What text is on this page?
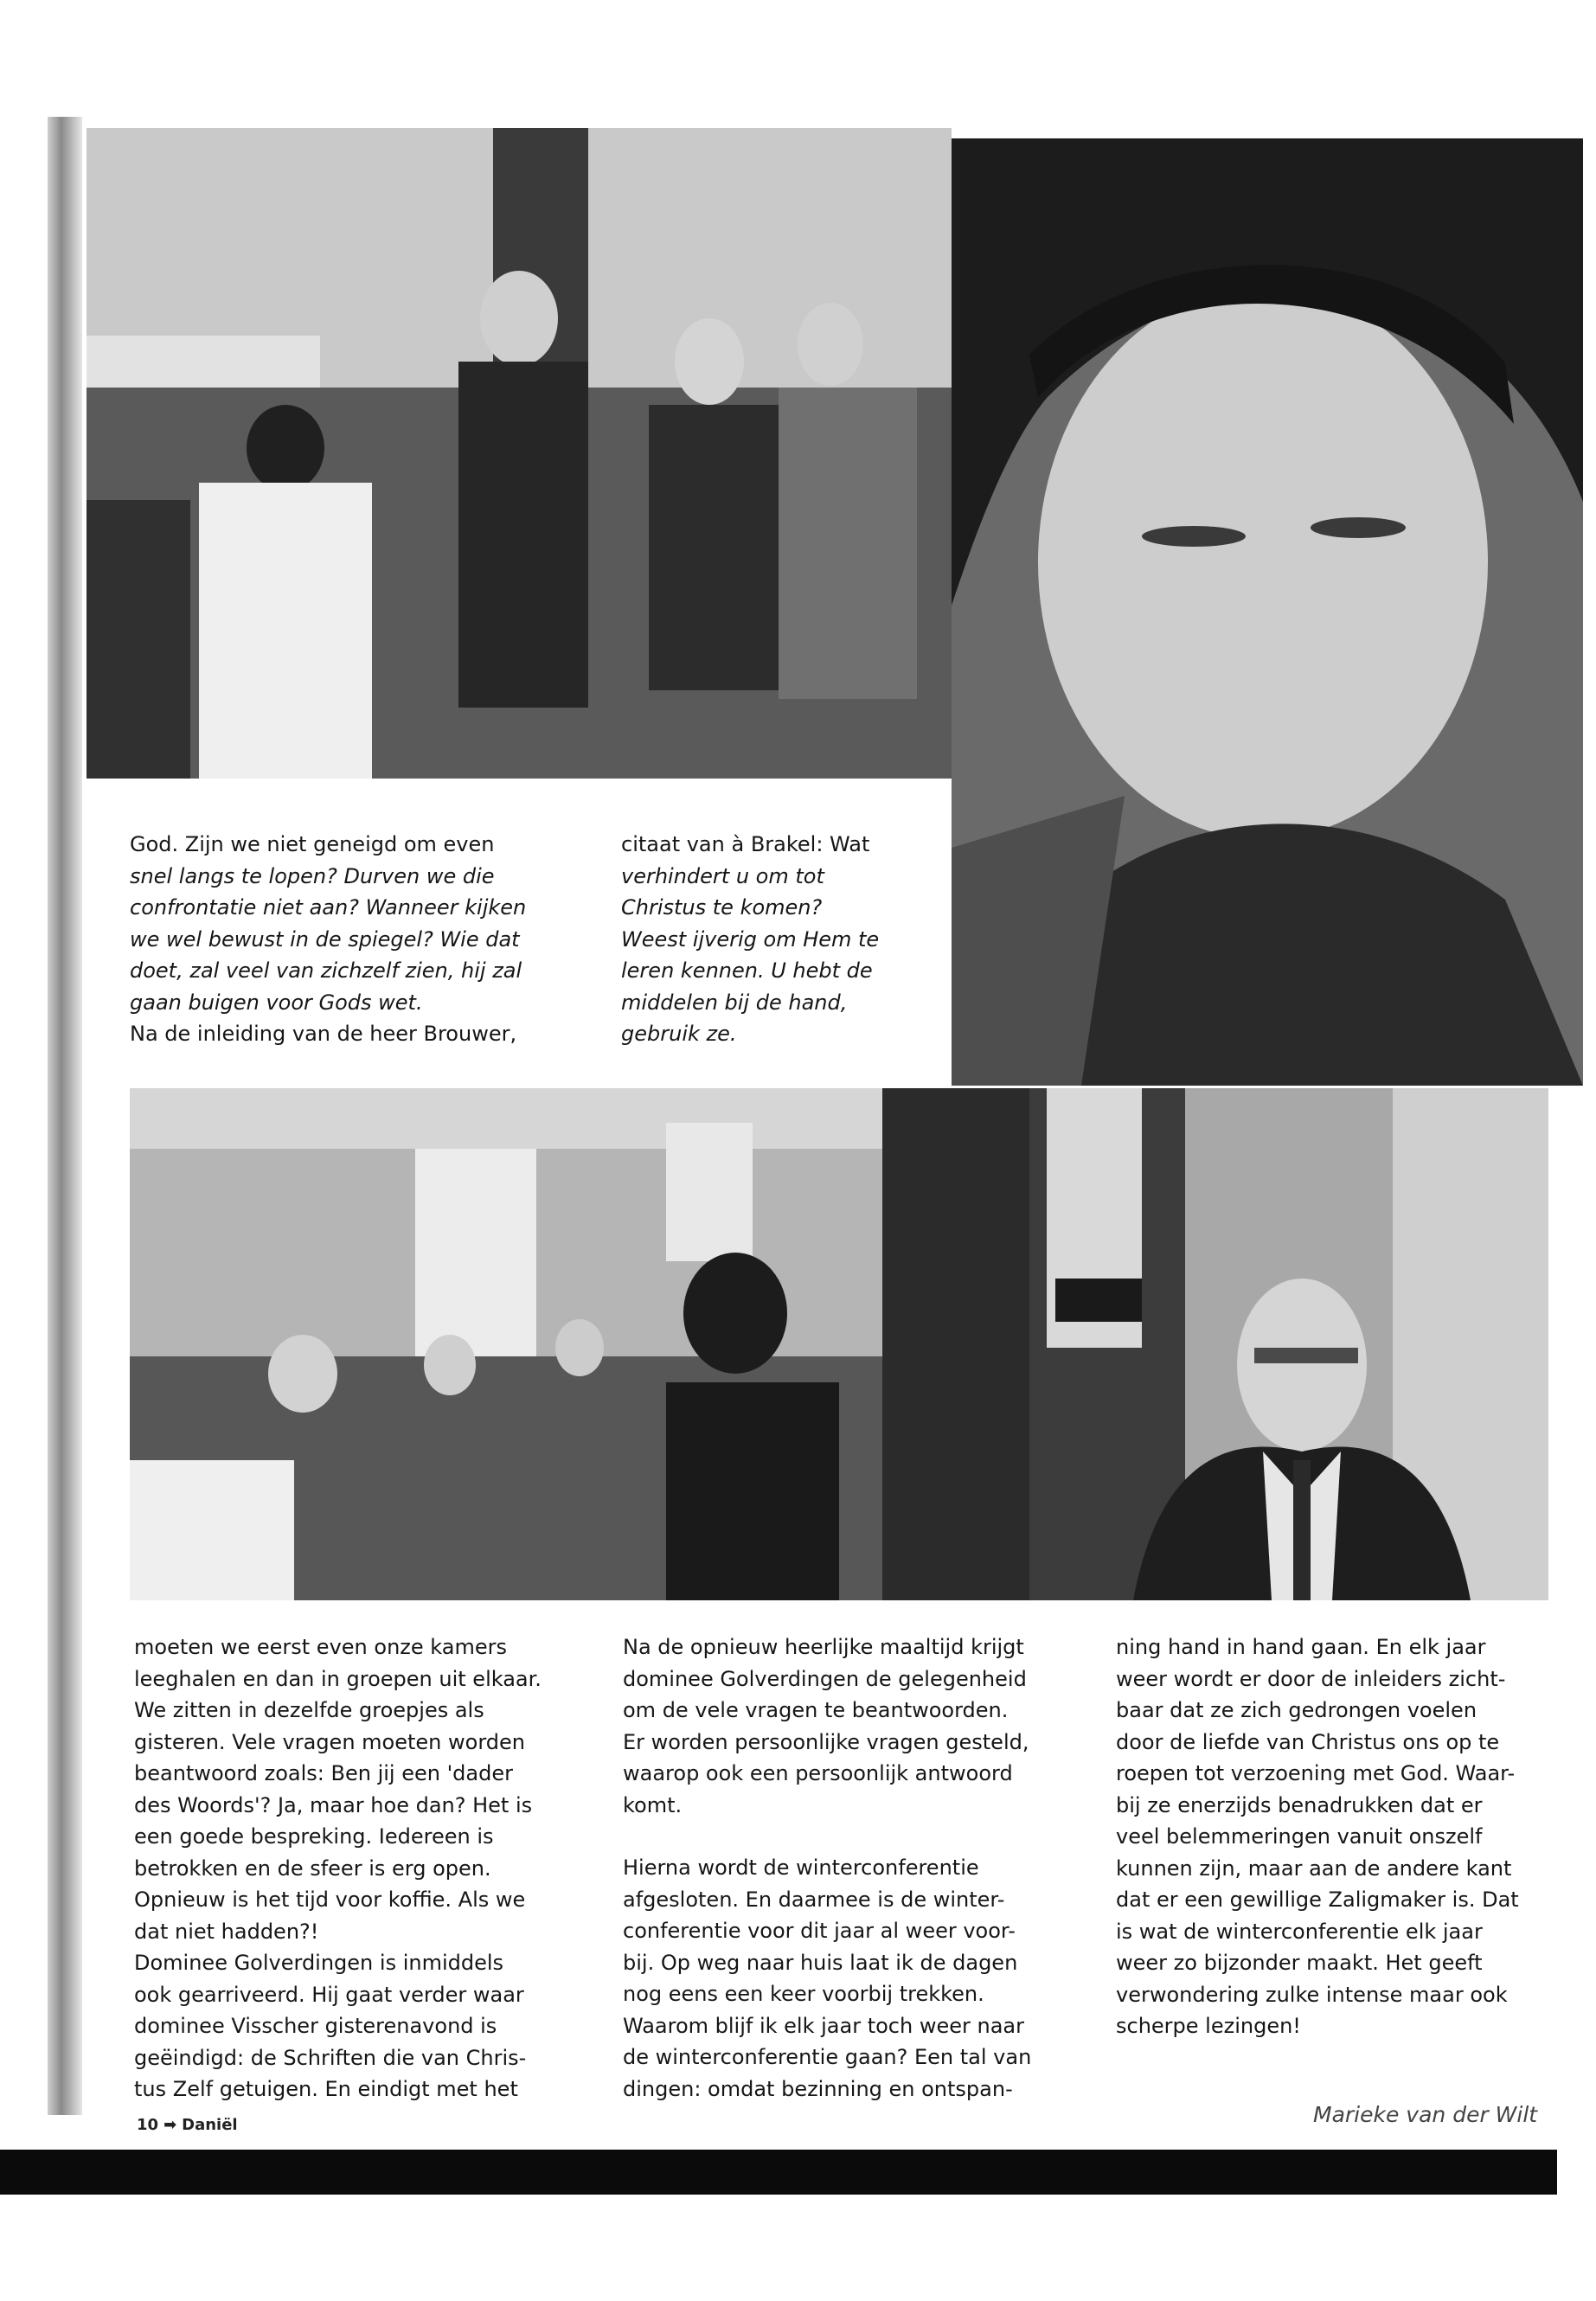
God. Zijn we niet geneigd om even

snel langs te lopen? Durven we die

confrontatie niet aan? Wanneer kijken

we wel bewust in de spiegel? Wie dat

doet, zal veel van zichzelf zien, hij zal

gaan buigen voor Gods wet.

Na de inleiding van de heer Brouwer,

citaat van à Brakel: Wat

verhindert u om tot

Christus te komen?

Weest ijverig om Hem te

leren kennen. U hebt de

middelen bij de hand,

gebruik ze.

moeten we eerst even onze kamers

leeghalen en dan in groepen uit elkaar.

We zitten in dezelfde groepjes als

gisteren. Vele vragen moeten worden

beantwoord zoals: Ben jij een 'dader

des Woords'? Ja, maar hoe dan? Het is

een goede bespreking. Iedereen is

betrokken en de sfeer is erg open.

Opnieuw is het tijd voor koffie. Als we

dat niet hadden?!

Dominee Golverdingen is inmiddels

ook gearriveerd. Hij gaat verder waar

dominee Visscher gisterenavond is

geëindigd: de Schriften die van Chris-

tus Zelf getuigen. En eindigt met het

Na de opnieuw heerlijke maaltijd krijgt

dominee Golverdingen de gelegenheid

om de vele vragen te beantwoorden.

Er worden persoonlijke vragen gesteld,

waarop ook een persoonlijk antwoord

komt.

Hierna wordt de winterconferentie

afgesloten. En daarmee is de winter-

conferentie voor dit jaar al weer voor-

bij. Op weg naar huis laat ik de dagen

nog eens een keer voorbij trekken.

Waarom blijf ik elk jaar toch weer naar

de winterconferentie gaan? Een tal van

dingen: omdat bezinning en ontspan-

ning hand in hand gaan. En elk jaar

weer wordt er door de inleiders zicht-

baar dat ze zich gedrongen voelen

door de liefde van Christus ons op te

roepen tot verzoening met God. Waar-

bij ze enerzijds benadrukken dat er

veel belemmeringen vanuit onszelf

kunnen zijn, maar aan de andere kant

dat er een gewillige Zaligmaker is. Dat

is wat de winterconferentie elk jaar

weer zo bijzonder maakt. Het geeft

verwondering zulke intense maar ook

scherpe lezingen!

Marieke van der Wilt
10 ➡ Daniël
